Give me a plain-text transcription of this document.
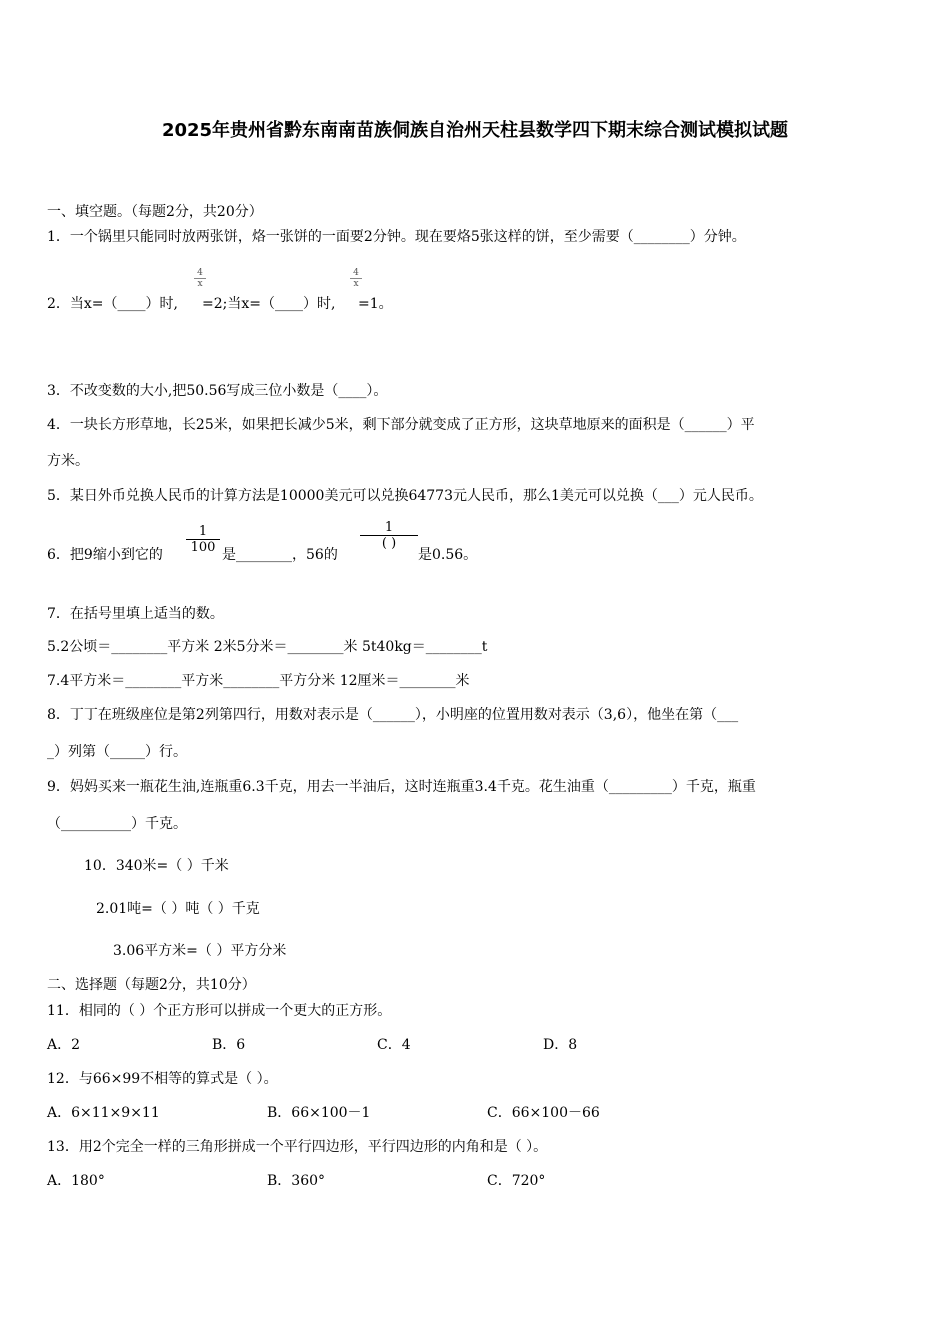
2025年贵州省黔东南南苗族侗族自治州天柱县数学四下期末综合测试模拟试题
一、填空题。（每题2分，共20分）
1．一个锅里只能同时放两张饼，烙一张饼的一面要2分钟。现在要烙5张这样的饼，至少需要（________）分钟。
2．当x=（____）时,
$\frac{4}{x}$
=2;当x=（____）时,
$\frac{4}{x}$
=1。
3．不改变数的大小,把50.56写成三位小数是（____）。
4．一块长方形草地，长25米，如果把长减少5米，剩下部分就变成了正方形，这块草地原来的面积是（______）平
方米。
5．某日外币兑换人民币的计算方法是10000美元可以兑换64773元人民币，那么1美元可以兑换（___）元人民币。
6．把9缩小到它的 $\frac{1}{100}$ 是________，56的
1
( )
是0.56。
7．在括号里填上适当的数。
5.2公顷＝________平方米 2米5分米＝________米 5t40kg＝________t
7.4平方米＝________平方米________平方分米 12厘米＝________米
8．丁丁在班级座位是第2列第四行，用数对表示是（______），小明座的位置用数对表示（3,6），他坐在第（___
_）列第（_____）行。
9．妈妈买来一瓶花生油,连瓶重6.3千克，用去一半油后，这时连瓶重3.4千克。花生油重（_________）千克，瓶重
（__________）千克。
10．340米=（ ）千米
2.01吨=（ ）吨（ ）千克
3.06平方米=（ ）平方分米
二、选择题（每题2分，共10分）
11．相同的（ ）个正方形可以拼成一个更大的正方形。
A．2	B．6	C．4	D．8
12．与66×99不相等的算式是（ ）。
A．6×11×9×11	B．66×100－1	C．66×100－66
13．用2个完全一样的三角形拼成一个平行四边形，平行四边形的内角和是（ ）。
A．180°	B．360°	C．720°
